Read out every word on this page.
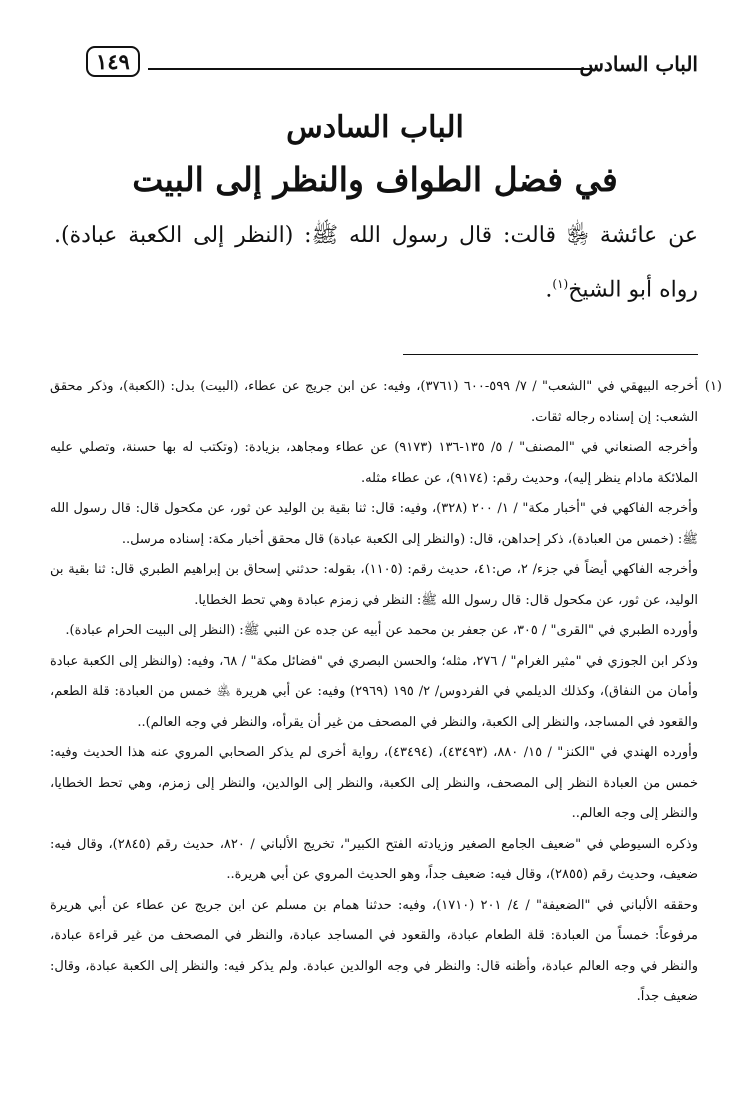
الباب السادس
١٤٩
الباب السادس
في فضل الطواف والنظر إلى البيت

عن عائشة ﵂ قالت: قال رسول الله ﷺ: (النظر إلى الكعبة عبادة). رواه أبو الشيخ$^{(١)}$.

(١)
أخرجه البيهقي في "الشعب" / ٧/ ٥٩٩-٦٠٠ (٣٧٦١)، وفيه: عن ابن جريج عن عطاء، (البيت) بدل: (الكعبة)، وذكر محقق الشعب: إن إسناده رجاله ثقات.

وأخرجه الصنعاني في "المصنف" / ٥/ ١٣٥-١٣٦ (٩١٧٣) عن عطاء ومجاهد، بزيادة: (وتكتب له بها حسنة، وتصلي عليه الملائكة مادام ينظر إليه)، وحديث رقم: (٩١٧٤)، عن عطاء مثله.

وأخرجه الفاكهي في "أخبار مكة" / ١/ ٢٠٠ (٣٢٨)، وفيه: قال: ثنا بقية بن الوليد عن ثور، عن مكحول قال: قال رسول الله ﷺ: (خمس من العبادة)، ذكر إحداهن، قال: (والنظر إلى الكعبة عبادة) قال محقق أخبار مكة: إسناده مرسل..

وأخرجه الفاكهي أيضاً في جزء/ ٢، ص:٤١، حديث رقم: (١١٠٥)، بقوله: حدثني إسحاق بن إبراهيم الطبري قال: ثنا بقية بن الوليد، عن ثور، عن مكحول قال: قال رسول الله ﷺ: النظر في زمزم عبادة وهي تحط الخطايا.

وأورده الطبري في "القرى" / ٣٠٥، عن جعفر بن محمد عن أبيه عن جده عن النبي ﷺ: (النظر إلى البيت الحرام عبادة).

وذكر ابن الجوزي في "مثير الغرام" / ٢٧٦، مثله؛ والحسن البصري في "فضائل مكة" / ٦٨، وفيه: (والنظر إلى الكعبة عبادة وأمان من النفاق)، وكذلك الديلمي في الفردوس/ ٢/ ١٩٥ (٢٩٦٩) وفيه: عن أبي هريرة ﵁ خمس من العبادة: قلة الطعم، والقعود في المساجد، والنظر إلى الكعبة، والنظر في المصحف من غير أن يقرأه، والنظر في وجه العالم)..

وأورده الهندي في "الكنز" / ١٥/ ٨٨٠، (٤٣٤٩٣)، (٤٣٤٩٤)، رواية أخرى لم يذكر الصحابي المروي عنه هذا الحديث وفيه: خمس من العبادة النظر إلى المصحف، والنظر إلى الكعبة، والنظر إلى الوالدين، والنظر إلى زمزم، وهي تحط الخطايا، والنظر إلى وجه العالم..

وذكره السيوطي في "ضعيف الجامع الصغير وزيادته الفتح الكبير"، تخريج الألباني / ٨٢٠، حديث رقم (٢٨٤٥)، وقال فيه: ضعيف، وحديث رقم (٢٨٥٥)، وقال فيه: ضعيف جداً، وهو الحديث المروي عن أبي هريرة..

وحققه الألباني في "الضعيفة" / ٤/ ٢٠١ (١٧١٠)، وفيه: حدثنا همام بن مسلم عن ابن جريج عن عطاء عن أبي هريرة مرفوعاً: خمساً من العبادة: قلة الطعام عبادة، والقعود في المساجد عبادة، والنظر في المصحف من غير قراءة عبادة، والنظر في وجه العالم عبادة، وأظنه قال: والنظر في وجه الوالدين عبادة. ولم يذكر فيه: والنظر إلى الكعبة عبادة، وقال: ضعيف جداً.
